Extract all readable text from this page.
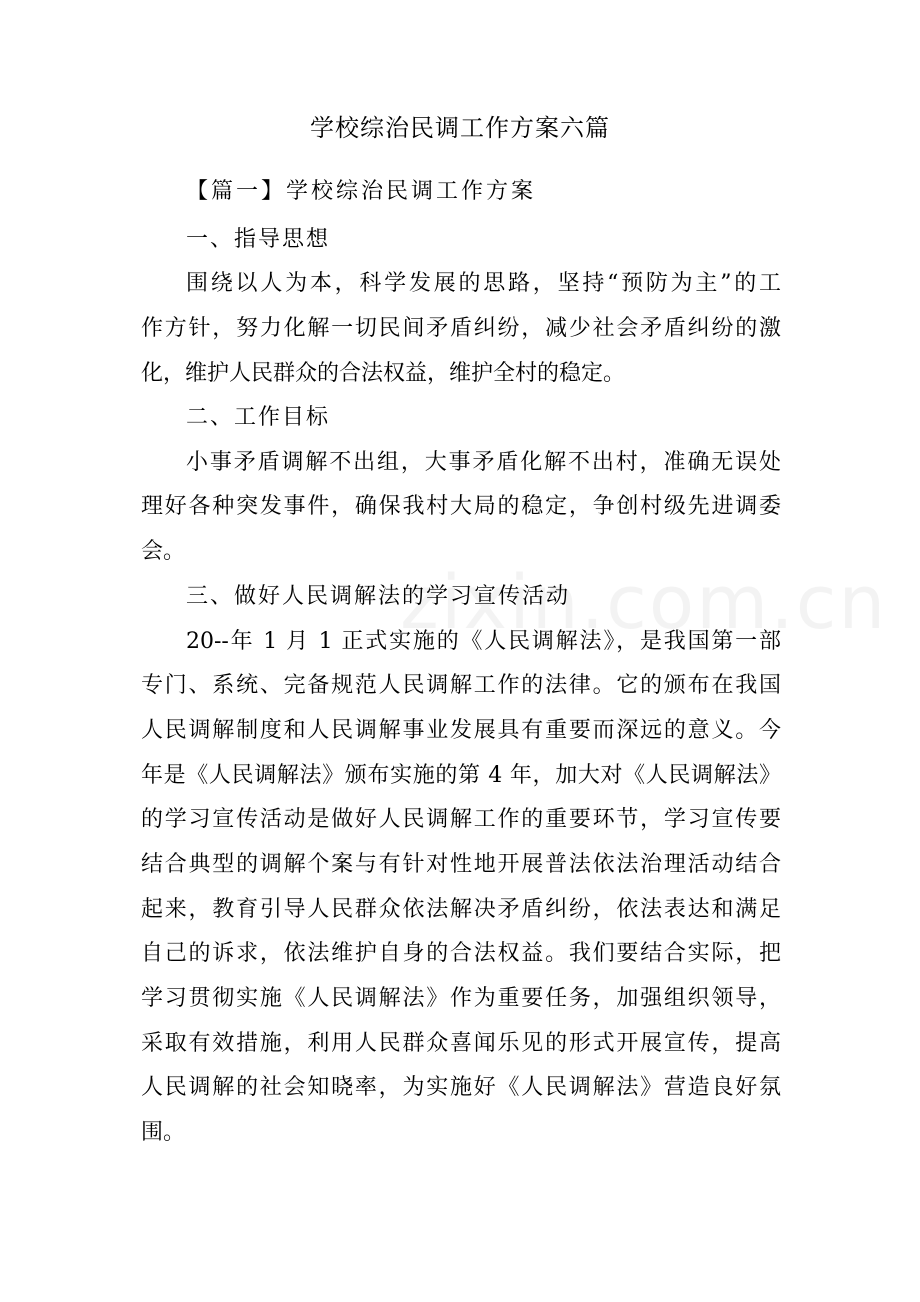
学校综治民调工作方案六篇
【篇一】学校综治民调工作方案
一、指导思想
围绕以人为本，科学发展的思路，坚持“预防为主”的工
作方针，努力化解一切民间矛盾纠纷，减少社会矛盾纠纷的激
化，维护人民群众的合法权益，维护全村的稳定。
二、工作目标
小事矛盾调解不出组，大事矛盾化解不出村，准确无误处
理好各种突发事件，确保我村大局的稳定，争创村级先进调委
会。
三、做好人民调解法的学习宣传活动
20--年 1 月 1 正式实施的《人民调解法》，是我国第一部
专门、系统、完备规范人民调解工作的法律。它的颁布在我国
人民调解制度和人民调解事业发展具有重要而深远的意义。今
年是《人民调解法》颁布实施的第 4 年，加大对《人民调解法》
的学习宣传活动是做好人民调解工作的重要环节，学习宣传要
结合典型的调解个案与有针对性地开展普法依法治理活动结合
起来，教育引导人民群众依法解决矛盾纠纷，依法表达和满足
自己的诉求，依法维护自身的合法权益。我们要结合实际，把
学习贯彻实施《人民调解法》作为重要任务，加强组织领导，
采取有效措施，利用人民群众喜闻乐见的形式开展宣传，提高
人民调解的社会知晓率，为实施好《人民调解法》营造良好氛
围。
